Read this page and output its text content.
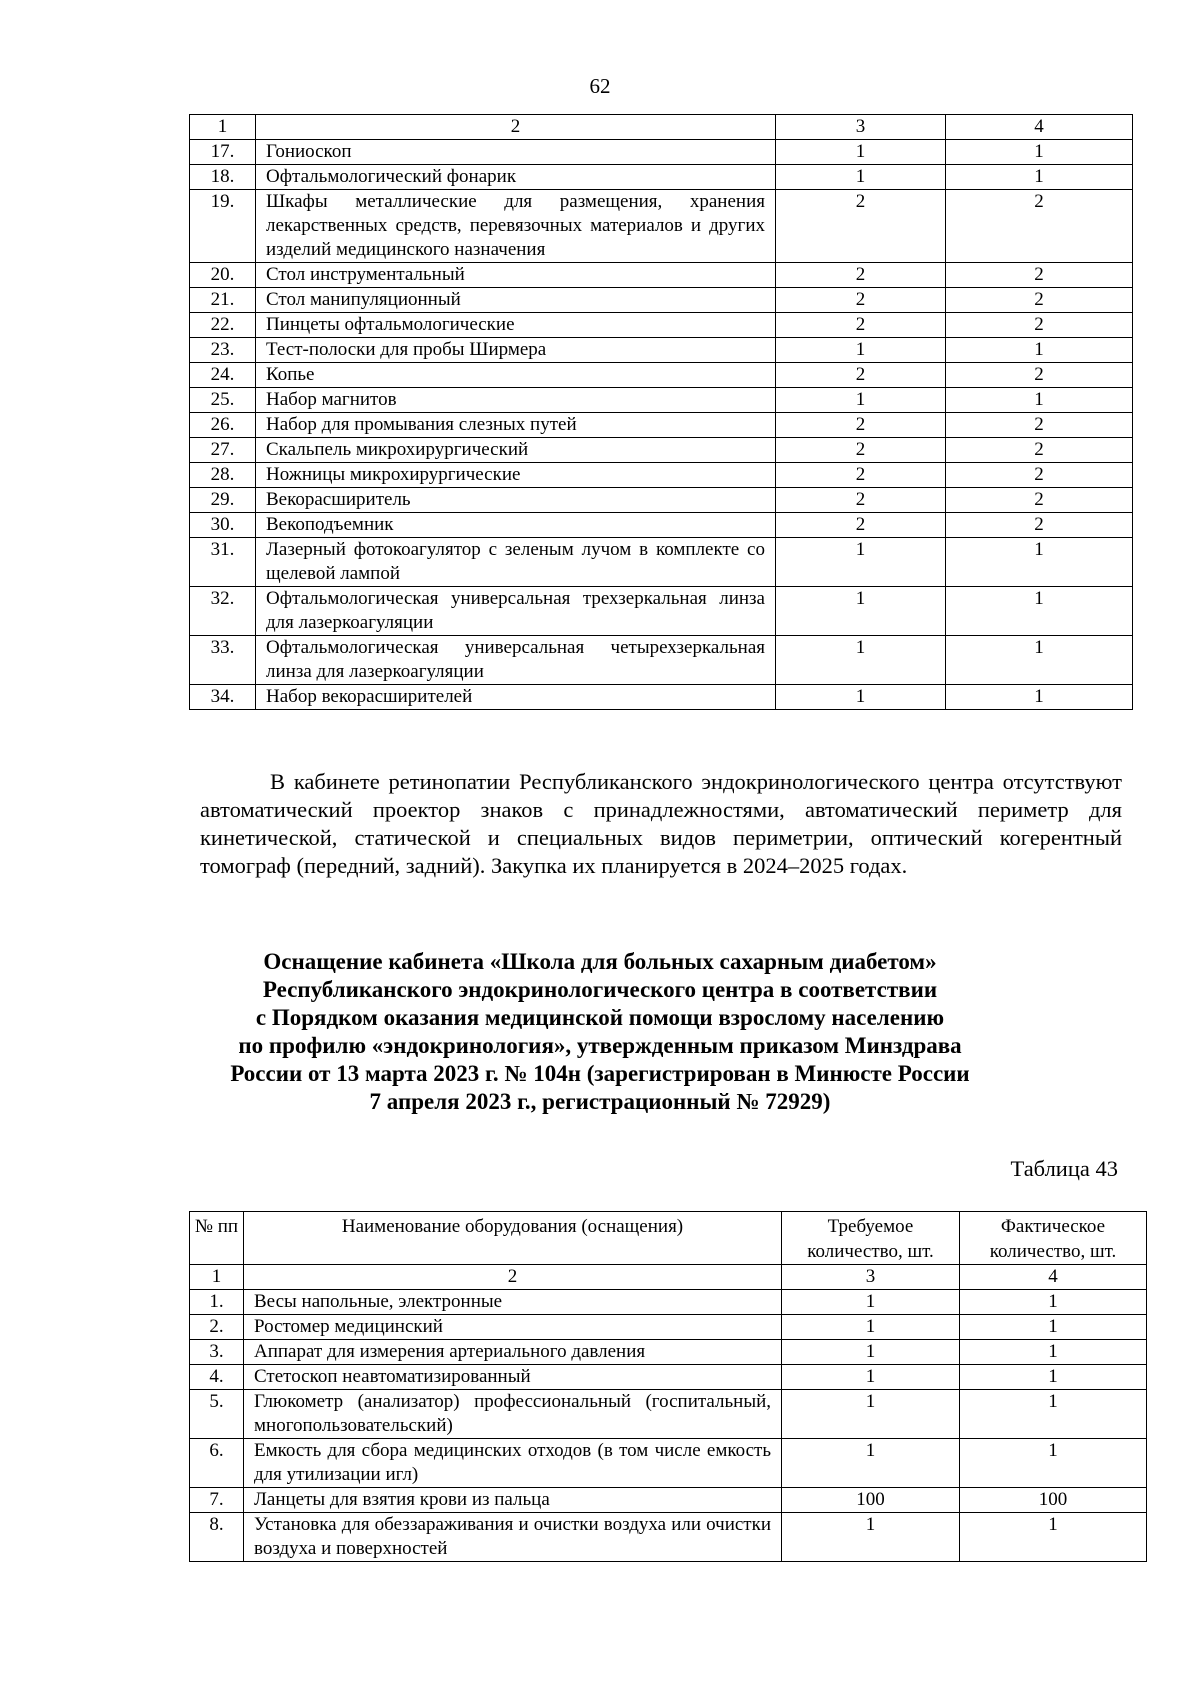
62
1	2	3	4
17.	Гониоскоп	1	1
18.	Офтальмологический фонарик	1	1
19.	Шкафы металлические для размещения, хранения лекарственных средств, перевязочных материалов и других изделий медицинского назначения	2	2
20.	Стол инструментальный	2	2
21.	Стол манипуляционный	2	2
22.	Пинцеты офтальмологические	2	2
23.	Тест-полоски для пробы Ширмера	1	1
24.	Копье	2	2
25.	Набор магнитов	1	1
26.	Набор для промывания слезных путей	2	2
27.	Скальпель микрохирургический	2	2
28.	Ножницы микрохирургические	2	2
29.	Векорасширитель	2	2
30.	Векоподъемник	2	2
31.	Лазерный фотокоагулятор с зеленым лучом в комплекте со щелевой лампой	1	1
32.	Офтальмологическая универсальная трехзеркальная линза для лазеркоагуляции	1	1
33.	Офтальмологическая универсальная четырехзеркальная линза для лазеркоагуляции	1	1
34.	Набор векорасширителей	1	1

В кабинете ретинопатии Республиканского эндокринологического центра отсутствуют автоматический проектор знаков с принадлежностями, автоматический периметр для кинетической, статической и специальных видов периметрии, оптический когерентный томограф (передний, задний). Закупка их планируется в 2024–2025 годах.

Оснащение кабинета «Школа для больных сахарным диабетом»
Республиканского эндокринологического центра в соответствии
с Порядком оказания медицинской помощи взрослому населению
по профилю «эндокринология», утвержденным приказом Минздрава
России от 13 марта 2023 г. № 104н (зарегистрирован в Минюсте России
7 апреля 2023 г., регистрационный № 72929)
Таблица 43
№ пп	Наименование оборудования (оснащения)	Требуемое количество, шт.	Фактическое количество, шт.
1	2	3	4
1.	Весы напольные, электронные	1	1
2.	Ростомер медицинский	1	1
3.	Аппарат для измерения артериального давления	1	1
4.	Стетоскоп неавтоматизированный	1	1
5.	Глюкометр (анализатор) профессиональный (госпитальный, многопользовательский)	1	1
6.	Емкость для сбора медицинских отходов (в том числе емкость для утилизации игл)	1	1
7.	Ланцеты для взятия крови из пальца	100	100
8.	Установка для обеззараживания и очистки воздуха или очистки воздуха и поверхностей	1	1
